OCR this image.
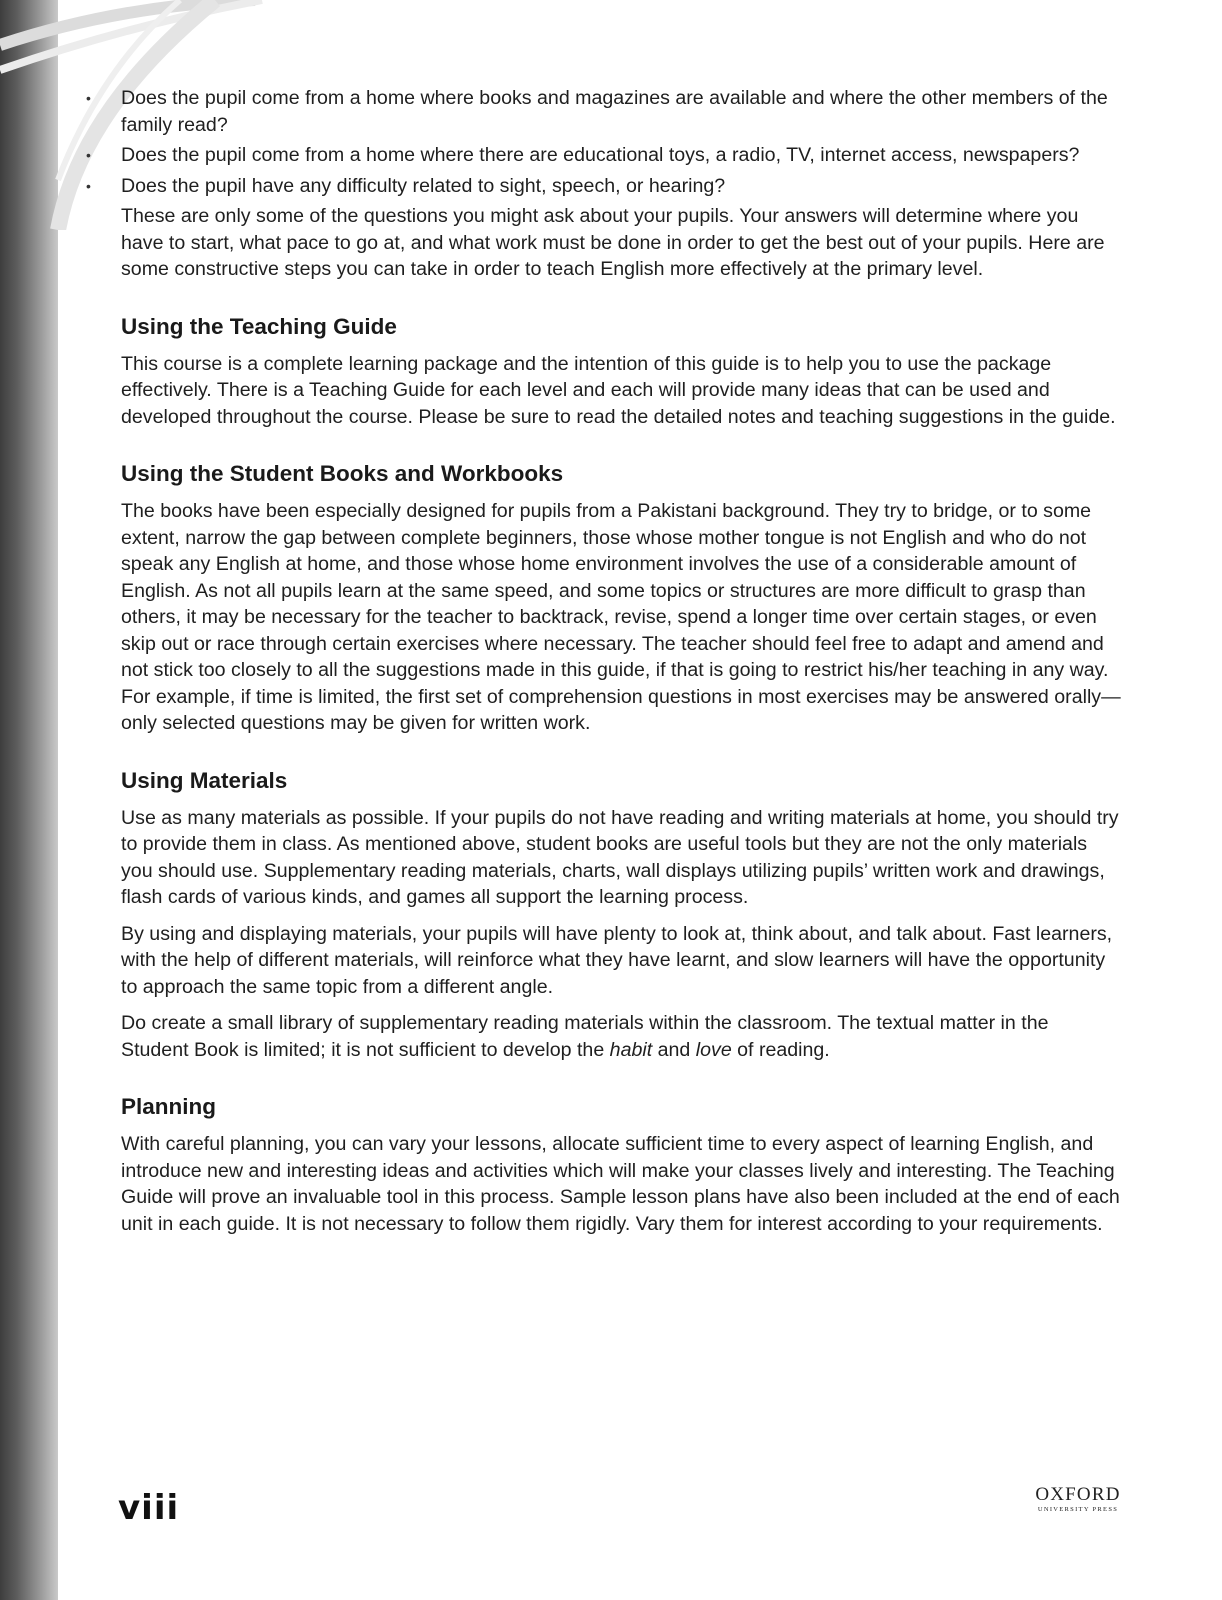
• Does the pupil come from a home where books and magazines are available and where the other members of the family read?
• Does the pupil come from a home where there are educational toys, a radio, TV, internet access, newspapers?
• Does the pupil have any difficulty related to sight, speech, or hearing?

These are only some of the questions you might ask about your pupils. Your answers will determine where you have to start, what pace to go at, and what work must be done in order to get the best out of your pupils. Here are some constructive steps you can take in order to teach English more effectively at the primary level.

Using the Teaching Guide

This course is a complete learning package and the intention of this guide is to help you to use the package effectively. There is a Teaching Guide for each level and each will provide many ideas that can be used and developed throughout the course. Please be sure to read the detailed notes and teaching suggestions in the guide.

Using the Student Books and Workbooks

The books have been especially designed for pupils from a Pakistani background. They try to bridge, or to some extent, narrow the gap between complete beginners, those whose mother tongue is not English and who do not speak any English at home, and those whose home environment involves the use of a considerable amount of English. As not all pupils learn at the same speed, and some topics or structures are more difficult to grasp than others, it may be necessary for the teacher to backtrack, revise, spend a longer time over certain stages, or even skip out or race through certain exercises where necessary. The teacher should feel free to adapt and amend and not stick too closely to all the suggestions made in this guide, if that is going to restrict his/her teaching in any way. For example, if time is limited, the first set of comprehension questions in most exercises may be answered orally—only selected questions may be given for written work.

Using Materials

Use as many materials as possible. If your pupils do not have reading and writing materials at home, you should try to provide them in class. As mentioned above, student books are useful tools but they are not the only materials you should use. Supplementary reading materials, charts, wall displays utilizing pupils’ written work and drawings, flash cards of various kinds, and games all support the learning process.

By using and displaying materials, your pupils will have plenty to look at, think about, and talk about. Fast learners, with the help of different materials, will reinforce what they have learnt, and slow learners will have the opportunity to approach the same topic from a different angle.

Do create a small library of supplementary reading materials within the classroom. The textual matter in the Student Book is limited; it is not sufficient to develop the habit and love of reading.

Planning

With careful planning, you can vary your lessons, allocate sufficient time to every aspect of learning English, and introduce new and interesting ideas and activities which will make your classes lively and interesting. The Teaching Guide will prove an invaluable tool in this process. Sample lesson plans have also been included at the end of each unit in each guide. It is not necessary to follow them rigidly. Vary them for interest according to your requirements.

viii	OXFORD
UNIVERSITY PRESS
